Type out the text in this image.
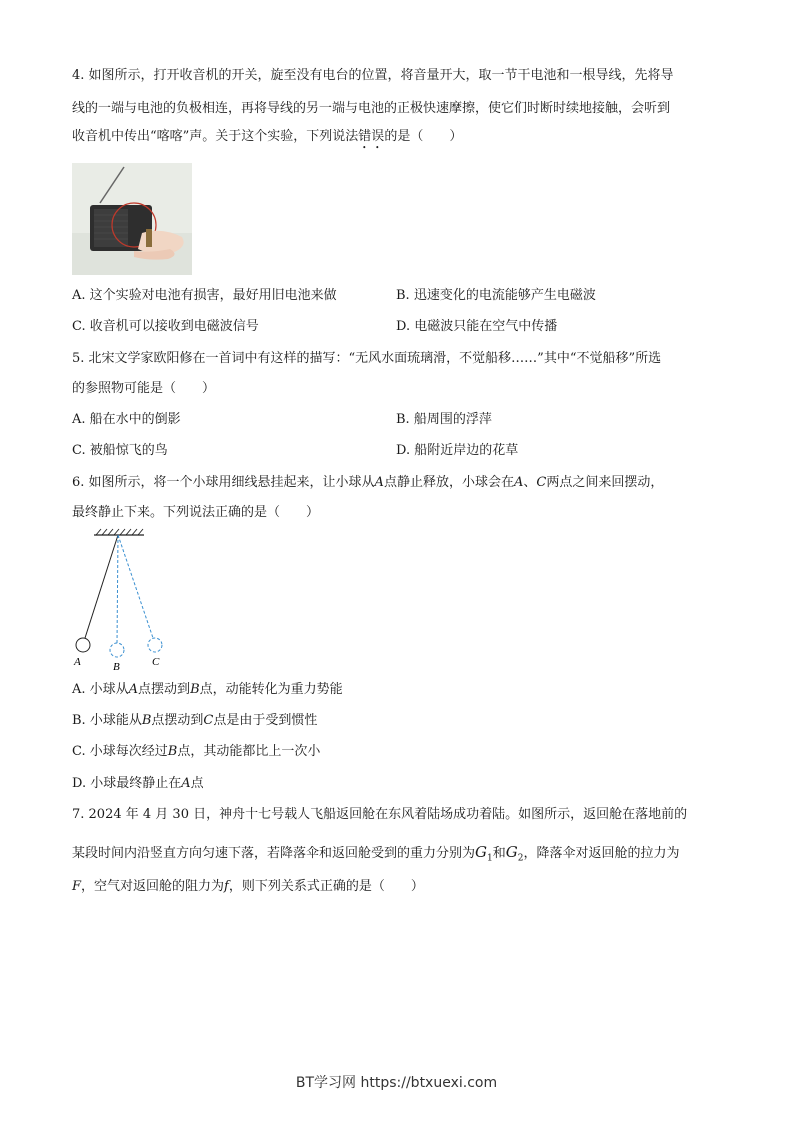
4. 如图所示，打开收音机的开关，旋至没有电台的位置，将音量开大，取一节干电池和一根导线，先将导
线的一端与电池的负极相连，再将导线的另一端与电池的正极快速摩擦，使它们时断时续地接触，会听到
收音机中传出“喀喀”声。关于这个实验，下列说法错误的是（　　）
A. 这个实验对电池有损害，最好用旧电池来做	B. 迅速变化的电流能够产生电磁波
C. 收音机可以接收到电磁波信号	D. 电磁波只能在空气中传播
5. 北宋文学家欧阳修在一首词中有这样的描写：“无风水面琉璃滑，不觉船移……”其中“不觉船移”所选
的参照物可能是（　　）
A. 船在水中的倒影	B. 船周围的浮萍
C. 被船惊飞的鸟	D. 船附近岸边的花草
6. 如图所示，将一个小球用细线悬挂起来，让小球从A点静止释放，小球会在A、C两点之间来回摆动，
最终静止下来。下列说法正确的是（　　）
A	B	C
A. 小球从A点摆动到B点，动能转化为重力势能
B. 小球能从B点摆动到C点是由于受到惯性
C. 小球每次经过B点，其动能都比上一次小
D. 小球最终静止在A点
7. 2024 年 4 月 30 日，神舟十七号载人飞船返回舱在东风着陆场成功着陆。如图所示，返回舱在落地前的
某段时间内沿竖直方向匀速下落，若降落伞和返回舱受到的重力分别为$G_1$和$G_2$，降落伞对返回舱的拉力为
F，空气对返回舱的阻力为f，则下列关系式正确的是（　　）
BT学习网 https://btxuexi.com
